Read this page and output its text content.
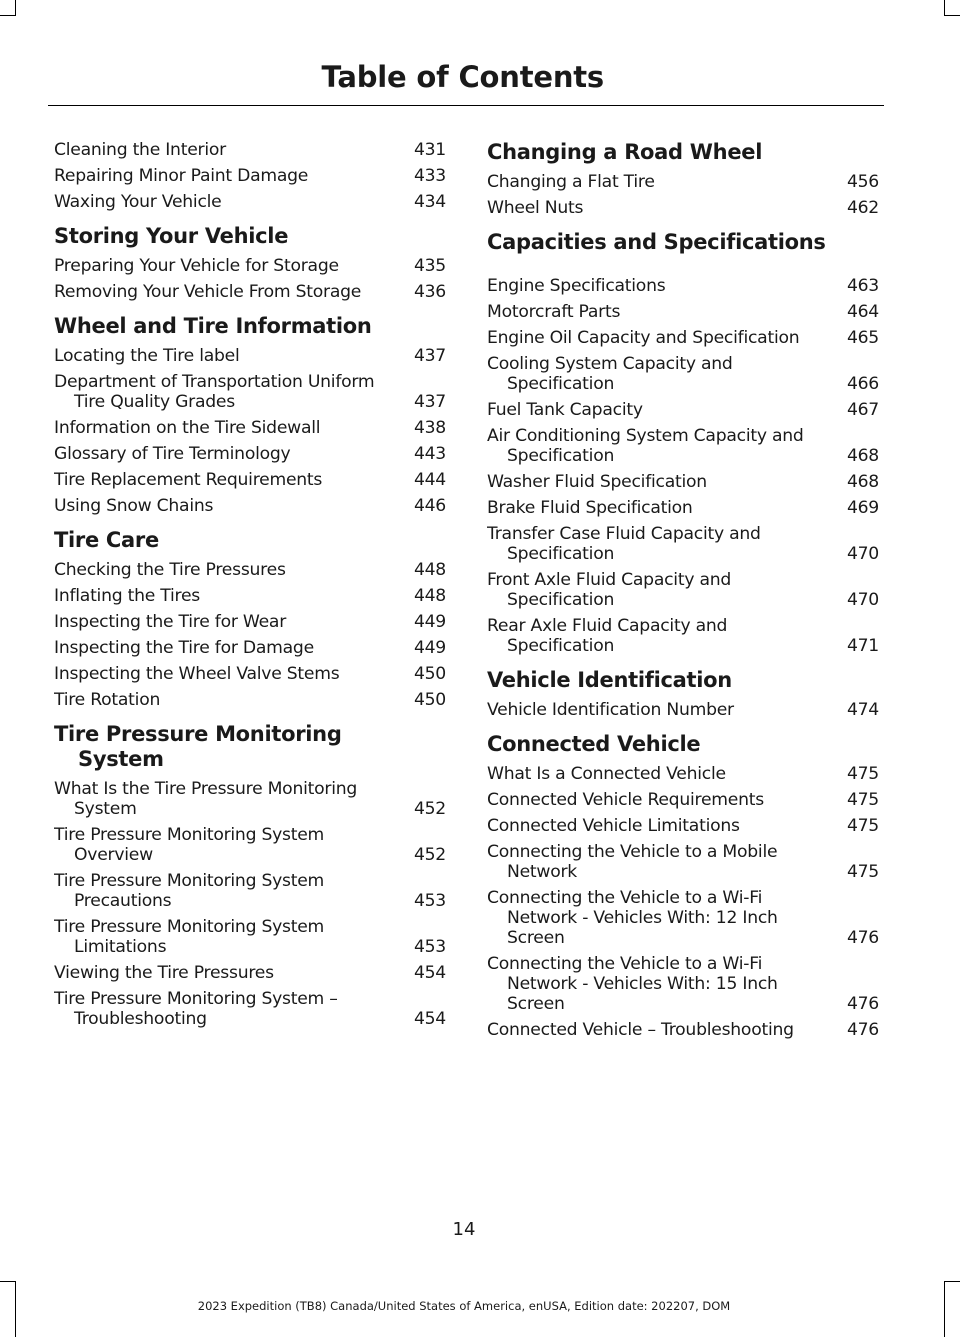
Table of Contents
Cleaning the Interior	431
Repairing Minor Paint Damage	433
Waxing Your Vehicle	434
Storing Your Vehicle
Preparing Your Vehicle for Storage	435
Removing Your Vehicle From Storage	436
Wheel and Tire Information
Locating the Tire label	437
Department of Transportation Uniform
Tire Quality Grades	437
Information on the Tire Sidewall	438
Glossary of Tire Terminology	443
Tire Replacement Requirements	444
Using Snow Chains	446
Tire Care
Checking the Tire Pressures	448
Inflating the Tires	448
Inspecting the Tire for Wear	449
Inspecting the Tire for Damage	449
Inspecting the Wheel Valve Stems	450
Tire Rotation	450
Tire Pressure Monitoring
System
What Is the Tire Pressure Monitoring
System	452
Tire Pressure Monitoring System
Overview	452
Tire Pressure Monitoring System
Precautions	453
Tire Pressure Monitoring System
Limitations	453
Viewing the Tire Pressures	454
Tire Pressure Monitoring System –
Troubleshooting	454
Changing a Road Wheel
Changing a Flat Tire	456
Wheel Nuts	462
Capacities and Specifications
Engine Specifications	463
Motorcraft Parts	464
Engine Oil Capacity and Specification	465
Cooling System Capacity and
Specification	466
Fuel Tank Capacity	467
Air Conditioning System Capacity and
Specification	468
Washer Fluid Specification	468
Brake Fluid Specification	469
Transfer Case Fluid Capacity and
Specification	470
Front Axle Fluid Capacity and
Specification	470
Rear Axle Fluid Capacity and
Specification	471
Vehicle Identification
Vehicle Identification Number	474
Connected Vehicle
What Is a Connected Vehicle	475
Connected Vehicle Requirements	475
Connected Vehicle Limitations	475
Connecting the Vehicle to a Mobile
Network	475
Connecting the Vehicle to a Wi-Fi
Network - Vehicles With: 12 Inch
Screen	476
Connecting the Vehicle to a Wi-Fi
Network - Vehicles With: 15 Inch
Screen	476
Connected Vehicle – Troubleshooting	476
14
2023 Expedition (TB8) Canada/United States of America, enUSA, Edition date: 202207, DOM
